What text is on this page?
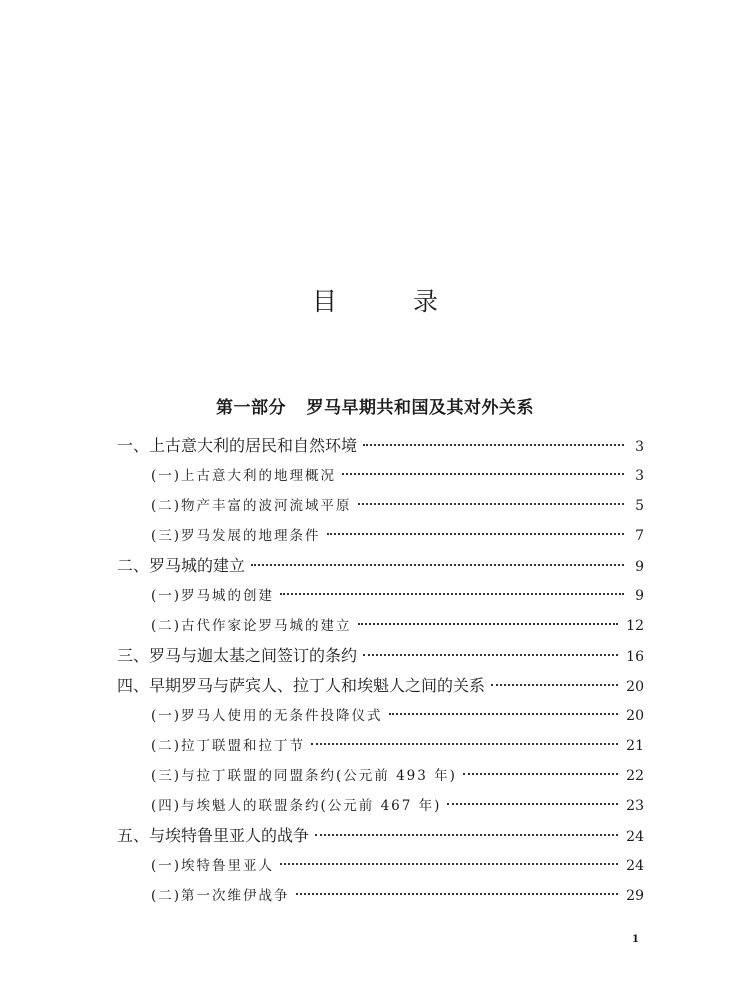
目 录
第一部分 罗马早期共和国及其对外关系
一、上古意大利的居民和自然环境	3
(一)上古意大利的地理概况	3
(二)物产丰富的波河流域平原	5
(三)罗马发展的地理条件	7
二、罗马城的建立	9
(一)罗马城的创建	9
(二)古代作家论罗马城的建立	12
三、罗马与迦太基之间签订的条约	16
四、早期罗马与萨宾人、拉丁人和埃魁人之间的关系	20
(一)罗马人使用的无条件投降仪式	20
(二)拉丁联盟和拉丁节	21
(三)与拉丁联盟的同盟条约(公元前 493 年)	22
(四)与埃魁人的联盟条约(公元前 467 年)	23
五、与埃特鲁里亚人的战争	24
(一)埃特鲁里亚人	24
(二)第一次维伊战争	29
1
